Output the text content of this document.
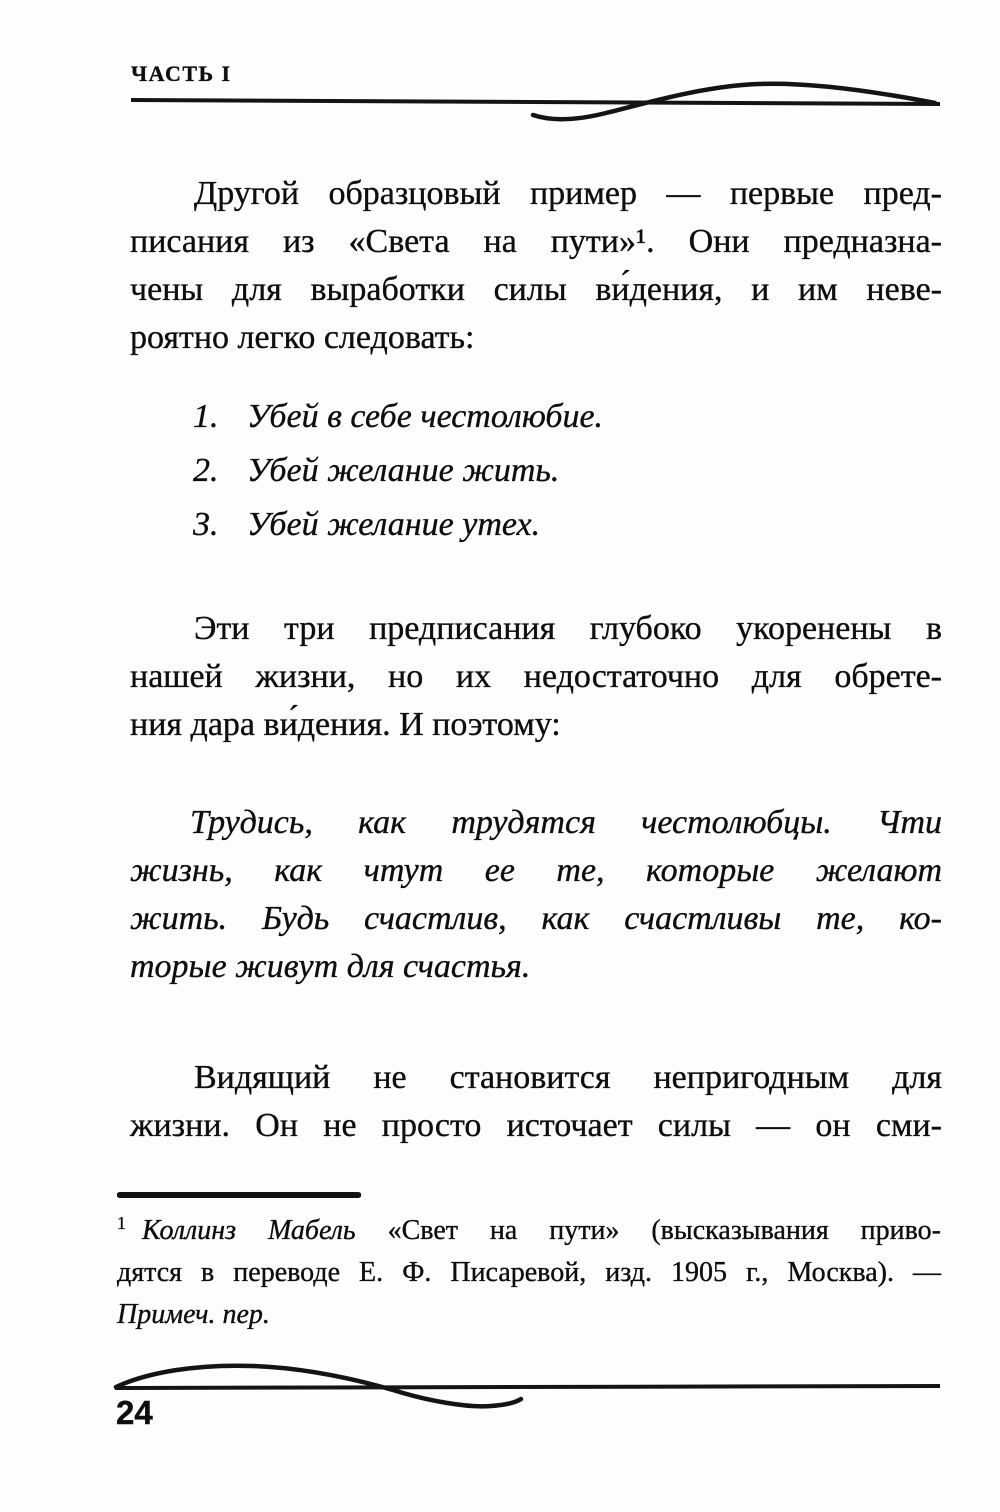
ЧАСТЬ I
Другой образцовый пример — первые пред-
писания из «Света на пути»¹. Они предназна-
чены для выработки силы ви́дения, и им неве-
роятно легко следовать:
1. Убей в себе честолюбие.
2. Убей желание жить.
3. Убей желание утех.
Эти три предписания глубоко укоренены в
нашей жизни, но их недостаточно для обрете-
ния дара ви́дения. И поэтому:
Трудись, как трудятся честолюбцы. Чти
жизнь, как чтут ее те, которые желают
жить. Будь счастлив, как счастливы те, ко-
торые живут для счастья.
Видящий не становится непригодным для
жизни. Он не просто источает силы — он сми-
$^1$ Коллинз Мабель «Свет на пути» (высказывания приво-
дятся в переводе Е. Ф. Писаревой, изд. 1905 г., Москва). —
Примеч. пер.
24
